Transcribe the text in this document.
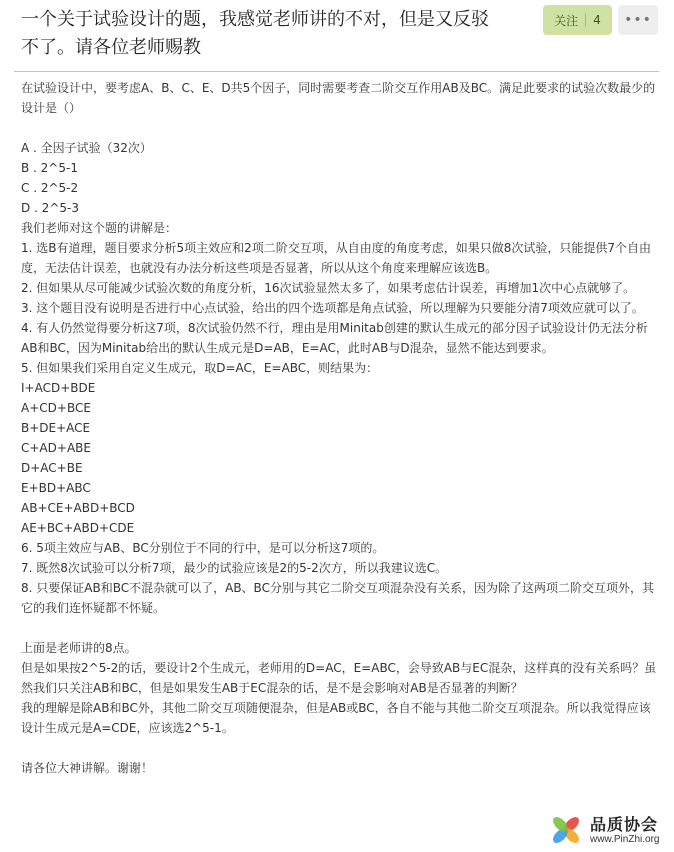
一个关于试验设计的题，我感觉老师讲的不对，但是又反驳不了。请各位老师赐教
关注 4 •••

在试验设计中，要考虑A、B、C、E、D共5个因子，同时需要考查二阶交互作用AB及BC。满足此要求的试验次数最少的设计是（）

A . 全因子试验（32次）

B . 2^5-1

C . 2^5-2

D . 2^5-3

我们老师对这个题的讲解是：

1. 选B有道理，题目要求分析5项主效应和2项二阶交互项，从自由度的角度考虑，如果只做8次试验，只能提供7个自由度，无法估计误差，也就没有办法分析这些项是否显著，所以从这个角度来理解应该选B。

2. 但如果从尽可能减少试验次数的角度分析，16次试验显然太多了，如果考虑估计误差，再增加1次中心点就够了。

3. 这个题目没有说明是否进行中心点试验，给出的四个选项都是角点试验，所以理解为只要能分清7项效应就可以了。

4. 有人仍然觉得要分析这7项，8次试验仍然不行，理由是用Minitab创建的默认生成元的部分因子试验设计仍无法分析AB和BC，因为Minitab给出的默认生成元是D=AB，E=AC，此时AB与D混杂，显然不能达到要求。

5. 但如果我们采用自定义生成元，取D=AC，E=ABC，则结果为：

I+ACD+BDE

A+CD+BCE

B+DE+ACE

C+AD+ABE

D+AC+BE

E+BD+ABC

AB+CE+ABD+BCD

AE+BC+ABD+CDE

6. 5项主效应与AB、BC分别位于不同的行中，是可以分析这7项的。

7. 既然8次试验可以分析7项，最少的试验应该是2的5-2次方，所以我建议选C。

8. 只要保证AB和BC不混杂就可以了，AB、BC分别与其它二阶交互项混杂没有关系，因为除了这两项二阶交互项外，其它的我们连怀疑都不怀疑。

上面是老师讲的8点。

但是如果按2^5-2的话，要设计2个生成元，老师用的D=AC，E=ABC，会导致AB与EC混杂，这样真的没有关系吗？虽然我们只关注AB和BC，但是如果发生AB于EC混杂的话，是不是会影响对AB是否显著的判断？

我的理解是除AB和BC外，其他二阶交互项随便混杂，但是AB或BC，各自不能与其他二阶交互项混杂。所以我觉得应该设计生成元是A=CDE，应该选2^5-1。

请各位大神讲解。谢谢！

品质协会
www.PinZhi.org
